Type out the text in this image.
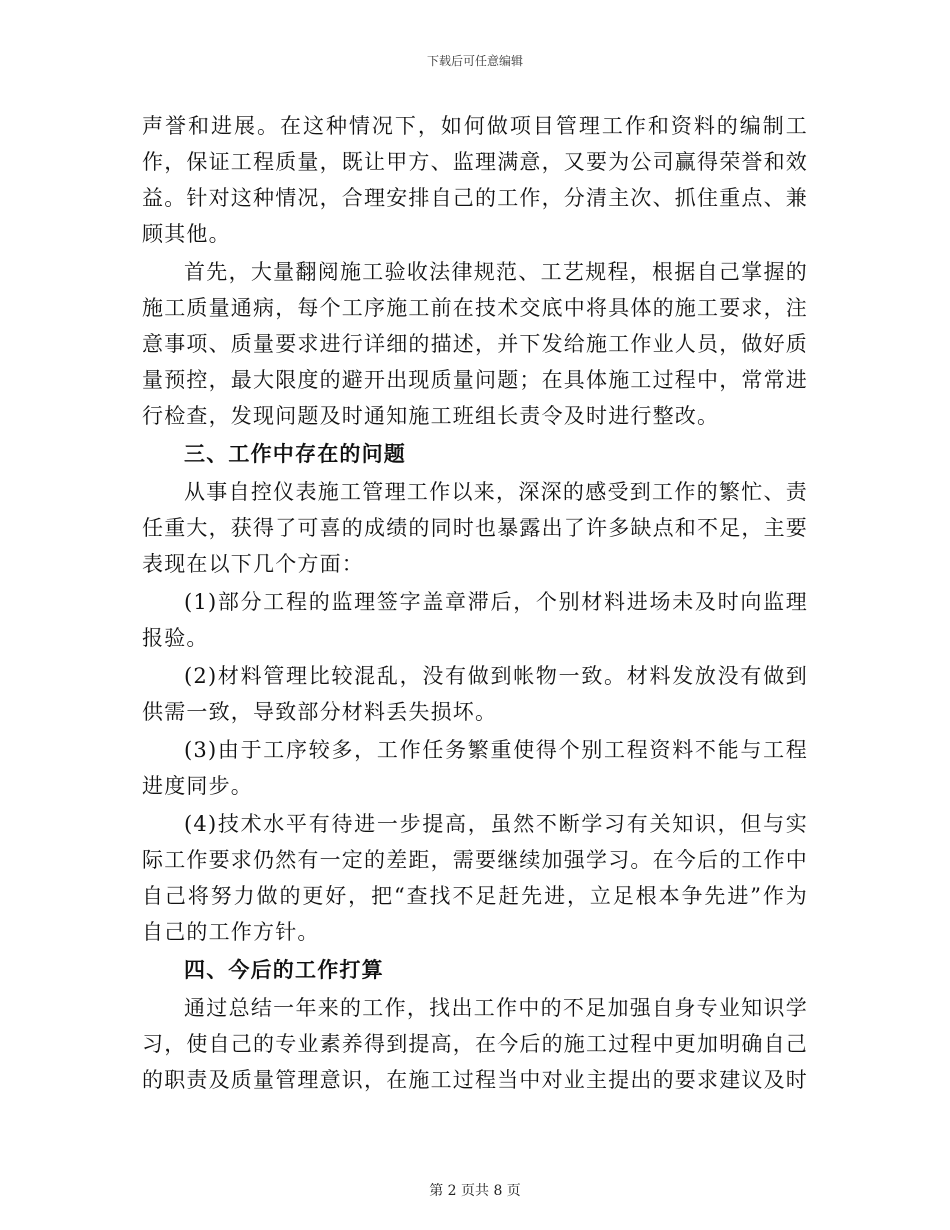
下载后可任意编辑

声誉和进展。在这种情况下，如何做项目管理工作和资料的编制工作，保证工程质量，既让甲方、监理满意，又要为公司赢得荣誉和效益。针对这种情况，合理安排自己的工作，分清主次、抓住重点、兼顾其他。

首先，大量翻阅施工验收法律规范、工艺规程，根据自己掌握的施工质量通病，每个工序施工前在技术交底中将具体的施工要求，注意事项、质量要求进行详细的描述，并下发给施工作业人员，做好质量预控，最大限度的避开出现质量问题；在具体施工过程中，常常进行检查，发现问题及时通知施工班组长责令及时进行整改。

三、工作中存在的问题

从事自控仪表施工管理工作以来，深深的感受到工作的繁忙、责任重大，获得了可喜的成绩的同时也暴露出了许多缺点和不足，主要表现在以下几个方面：

(1)部分工程的监理签字盖章滞后，个别材料进场未及时向监理报验。

(2)材料管理比较混乱，没有做到帐物一致。材料发放没有做到供需一致，导致部分材料丢失损坏。

(3)由于工序较多，工作任务繁重使得个别工程资料不能与工程进度同步。

(4)技术水平有待进一步提高，虽然不断学习有关知识，但与实际工作要求仍然有一定的差距，需要继续加强学习。在今后的工作中自己将努力做的更好，把“查找不足赶先进，立足根本争先进”作为自己的工作方针。

四、今后的工作打算

通过总结一年来的工作，找出工作中的不足加强自身专业知识学习，使自己的专业素养得到提高，在今后的施工过程中更加明确自己的职责及质量管理意识，在施工过程当中对业主提出的要求建议及时

第 2 页共 8 页
